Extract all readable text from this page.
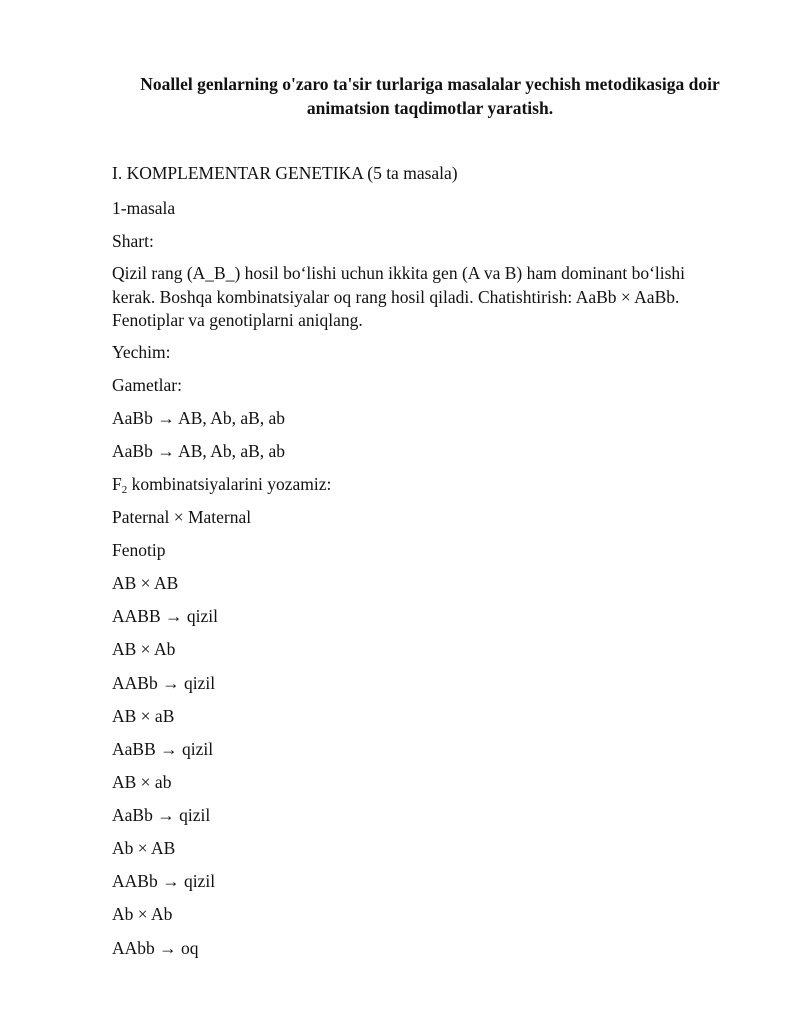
Noallel genlarning o'zaro ta'sir turlariga masalalar yechish metodikasiga doir
animatsion taqdimotlar yaratish.
I. KOMPLEMENTAR GENETIKA (5 ta masala)
1-masala
Shart:
Qizil rang (A_B_) hosil bo‘lishi uchun ikkita gen (A va B) ham dominant bo‘lishi
kerak. Boshqa kombinatsiyalar oq rang hosil qiladi. Chatishtirish: AaBb × AaBb.
Fenotiplar va genotiplarni aniqlang.
Yechim:
Gametlar:
AaBb → AB, Ab, aB, ab
AaBb → AB, Ab, aB, ab
$F_2$ kombinatsiyalarini yozamiz:
Paternal × Maternal
Fenotip
AB × AB
AABB → qizil
AB × Ab
AABb → qizil
AB × aB
AaBB → qizil
AB × ab
AaBb → qizil
Ab × AB
AABb → qizil
Ab × Ab
AAbb → oq
